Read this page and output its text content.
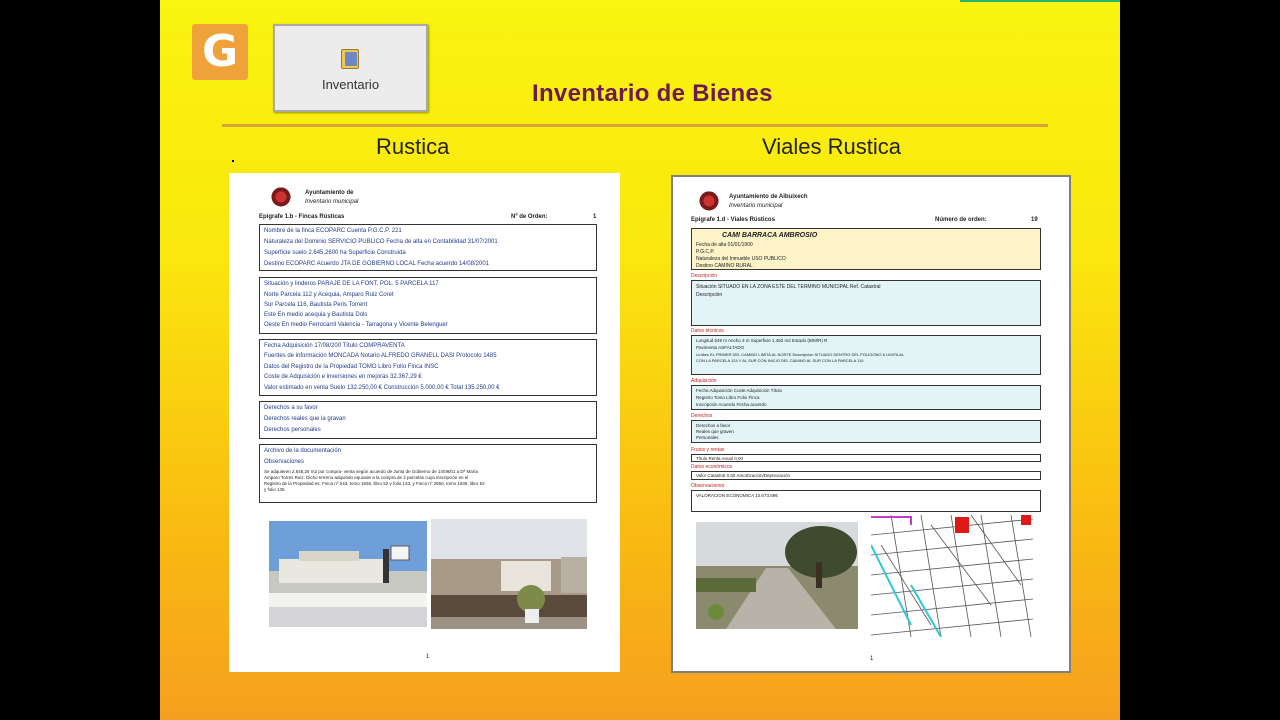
G
Inventario	Inventario de Bienes
Rustica	Viales Rustica
Ayuntamiento de
Inventario municipal
Epígrafe 1.b - Fincas Rústicas	Nº de Orden:	1
Nombre de la finca ECOPARC Cuenta P.G.C.P. 221
Naturaleza del Dominio SERVICIO PUBLICO Fecha de alta en Contabilidad 31/07/2001
Superficie suelo 2.645,2600 ha Superficie Construida
Destino ECOPARC Acuerdo JTA DE GOBIERNO LOCAL Fecha acuerdo 14/08/2001
Situación y linderos PARAJE DE LA FONT. POL. 5 PARCELA 117
Norte Parcela 112 y Acequia, Amparo Ruiz Coret
Sur Parcela 116, Bautista Peris Torrent
Este En medio acequia y Bautista Dols
Oeste En medio Ferrocarril Valencia - Tarragona y Vicente Belenguer
Fecha Adquisición 17/08/200 Título COMPRAVENTA
Fuentes de información MONCADA Notario ALFREDO GRANELL DASI Protocolo 1485
Datos del Registro de la Propiedad TOMO Libro Folio Finca INSC
Coste de Adquisición e inversiones en mejoras 32.367,29 €
Valor estimado en venta Suelo 132.250,00 € Construcción 5.000,00 € Total 135.250,00 €
Derechos a su favor
Derechos reales que la gravan
Derechos personales
Archivo de la documentación
Observaciones
Se adquieren 2.645,26 m2 por compra- venta según acuerdo de Junta de Gobierno de 14/08/01 a Dª María
Amparo Torres Ruiz. Dicho terreno adquirido equivale a la compra de 2 parcelas cuya inscripción en el
Registro de la Propiedad es: Finca nº 243, tomo 1936, libro 52 y folio 133, y Finca nº 2660, tomo 1936, libro 52
y folio 135.
1
Ayuntamiento de Albuixech
Inventario municipal
Epígrafe 1.d - Viales Rústicos	Número de orden:	19
CAMI BARRACA AMBROSIO
Fecha de alta 01/01/1900
P.G.C.P.
Naturaleza del Inmueble USO PUBLICO
Destino CAMINO RURAL
Descripción
Situación SITUADO EN LA ZONA ESTE DEL TERMINO MUNICIPAL Ref. Catastral
Descripción
Datos técnicos
Longitud 549 m Ancho 3 m Superficie 1.452 m2 Estado (B/M/R) R
Pavimento ASFALTADO
Límites EL PRIMER DEL CAMINO LIMITA AL NORTE Descripción SITUADO DENTRO DEL POLIGONO 6 LIMITA AL
CON LA PARCELA 124 Y AL SUR CON INICIO DEL CAMINO AL SUR CON LA PARCELA 110
Adquisición
Fecha Adquisición Coste Adquisición Título
Registro Tomo Libro Folio Finca
Inscripción Acuerdo Fecha acuerdo
Derechos
Derechos a favor
Reales que graven
Personales
Frutos y rentas
Título Renta Anual 0,00
Datos económicos
Valor Catastral 0,00 Amortización/Depreciación
Observaciones
VALORACION ECONOMICA 10.673,58€
1
